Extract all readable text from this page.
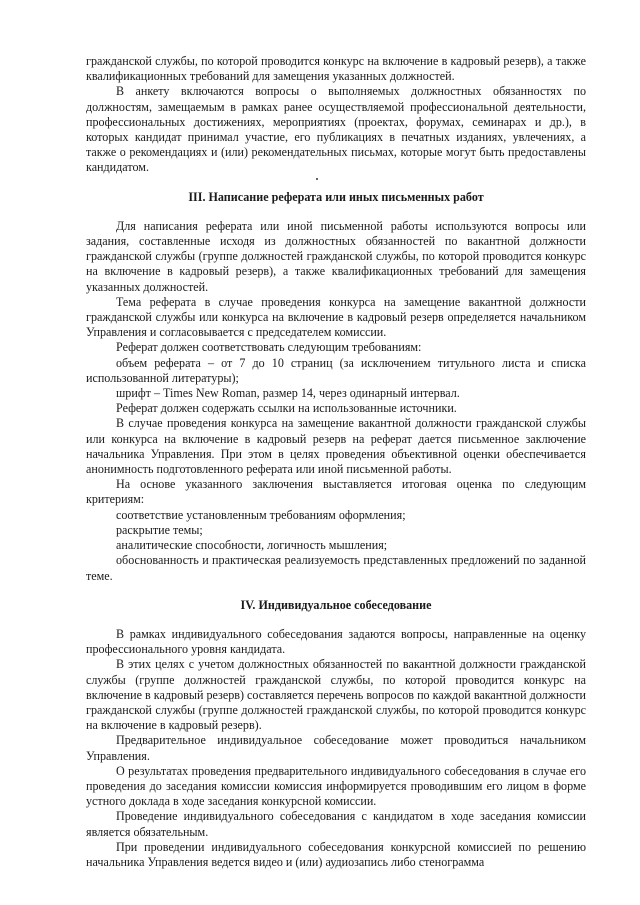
гражданской службы, по которой проводится конкурс на включение в кадровый резерв), а также квалификационных требований для замещения указанных должностей.

В анкету включаются вопросы о выполняемых должностных обязанностях по должностям, замещаемым в рамках ранее осуществляемой профессиональной деятельности, профессиональных достижениях, мероприятиях (проектах, форумах, семинарах и др.), в которых кандидат принимал участие, его публикациях в печатных изданиях, увлечениях, а также о рекомендациях и (или) рекомендательных письмах, которые могут быть предоставлены кандидатом.

III. Написание реферата или иных письменных работ

Для написания реферата или иной письменной работы используются вопросы или задания, составленные исходя из должностных обязанностей по вакантной должности гражданской службы (группе должностей гражданской службы, по которой проводится конкурс на включение в кадровый резерв), а также квалификационных требований для замещения указанных должностей.

Тема реферата в случае проведения конкурса на замещение вакантной должности гражданской службы или конкурса на включение в кадровый резерв определяется начальником Управления и согласовывается с председателем комиссии.

Реферат должен соответствовать следующим требованиям:

объем реферата – от 7 до 10 страниц (за исключением титульного листа и списка использованной литературы);

шрифт – Times New Roman, размер 14, через одинарный интервал.

Реферат должен содержать ссылки на использованные источники.

В случае проведения конкурса на замещение вакантной должности гражданской службы или конкурса на включение в кадровый резерв на реферат дается письменное заключение начальника Управления. При этом в целях проведения объективной оценки обеспечивается анонимность подготовленного реферата или иной письменной работы.

На основе указанного заключения выставляется итоговая оценка по следующим критериям:

соответствие установленным требованиям оформления;

раскрытие темы;

аналитические способности, логичность мышления;

обоснованность и практическая реализуемость представленных предложений по заданной теме.

IV. Индивидуальное собеседование

В рамках индивидуального собеседования задаются вопросы, направленные на оценку профессионального уровня кандидата.

В этих целях с учетом должностных обязанностей по вакантной должности гражданской службы (группе должностей гражданской службы, по которой проводится конкурс на включение в кадровый резерв) составляется перечень вопросов по каждой вакантной должности гражданской службы (группе должностей гражданской службы, по которой проводится конкурс на включение в кадровый резерв).

Предварительное индивидуальное собеседование может проводиться начальником Управления.

О результатах проведения предварительного индивидуального собеседования в случае его проведения до заседания комиссии комиссия информируется проводившим его лицом в форме устного доклада в ходе заседания конкурсной комиссии.

Проведение индивидуального собеседования с кандидатом в ходе заседания комиссии является обязательным.

При проведении индивидуального собеседования конкурсной комиссией по решению начальника Управления ведется видео и (или) аудиозапись либо стенограмма
